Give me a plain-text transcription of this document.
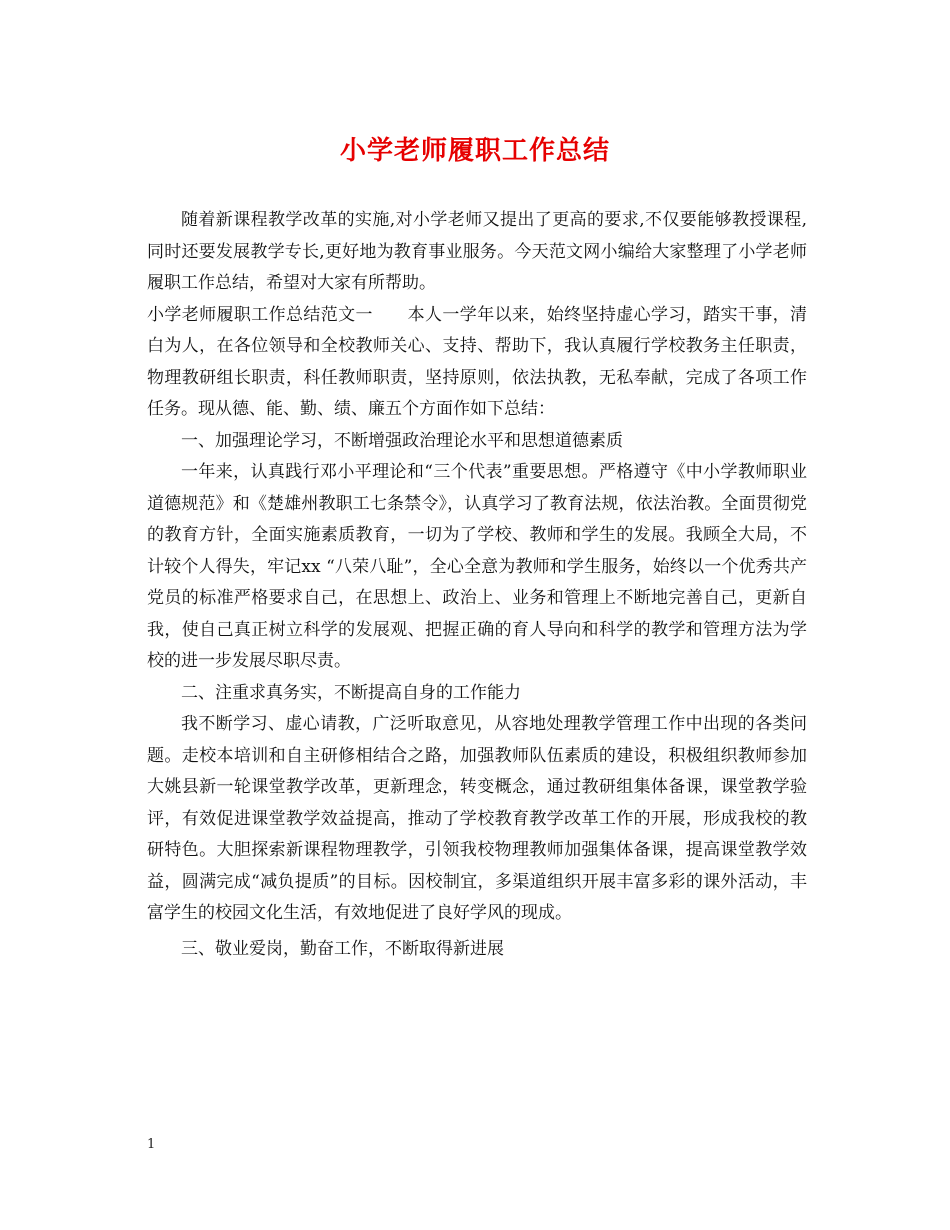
小学老师履职工作总结

随着新课程教学改革的实施,对小学老师又提出了更高的要求,不仅要能够教授课程,同时还要发展教学专长,更好地为教育事业服务。今天范文网小编给大家整理了小学老师履职工作总结，希望对大家有所帮助。

小学老师履职工作总结范文一　　本人一学年以来，始终坚持虚心学习，踏实干事，清白为人，在各位领导和全校教师关心、支持、帮助下，我认真履行学校教务主任职责，物理教研组长职责，科任教师职责，坚持原则，依法执教，无私奉献，完成了各项工作任务。现从德、能、勤、绩、廉五个方面作如下总结：

一、加强理论学习，不断增强政治理论水平和思想道德素质

一年来，认真践行邓小平理论和“三个代表”重要思想。严格遵守《中小学教师职业道德规范》和《楚雄州教职工七条禁令》，认真学习了教育法规，依法治教。全面贯彻党的教育方针，全面实施素质教育，一切为了学校、教师和学生的发展。我顾全大局，不计较个人得失，牢记xx “八荣八耻”，全心全意为教师和学生服务，始终以一个优秀共产党员的标准严格要求自己，在思想上、政治上、业务和管理上不断地完善自己，更新自我，使自己真正树立科学的发展观、把握正确的育人导向和科学的教学和管理方法为学校的进一步发展尽职尽责。

二、注重求真务实，不断提高自身的工作能力

我不断学习、虚心请教，广泛听取意见，从容地处理教学管理工作中出现的各类问题。走校本培训和自主研修相结合之路，加强教师队伍素质的建设，积极组织教师参加大姚县新一轮课堂教学改革，更新理念，转变概念，通过教研组集体备课，课堂教学验评，有效促进课堂教学效益提高，推动了学校教育教学改革工作的开展，形成我校的教研特色。大胆探索新课程物理教学，引领我校物理教师加强集体备课，提高课堂教学效益，圆满完成“减负提质”的目标。因校制宜，多渠道组织开展丰富多彩的课外活动，丰富学生的校园文化生活，有效地促进了良好学风的现成。

三、敬业爱岗，勤奋工作，不断取得新进展

1
